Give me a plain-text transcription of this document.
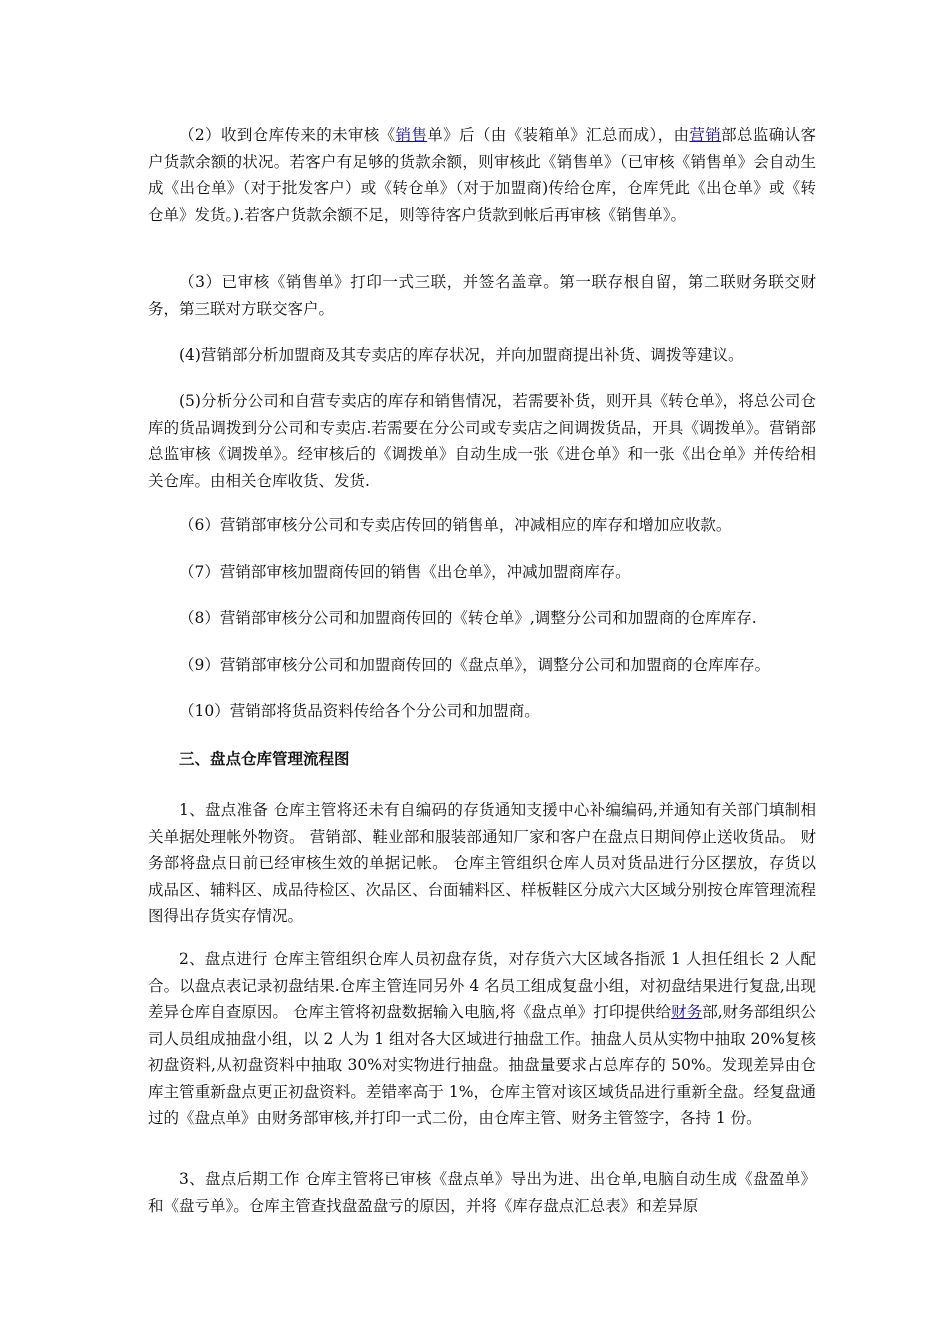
（2）收到仓库传来的未审核《销售单》后（由《装箱单》汇总而成），由营销部总监确认客户货款余额的状况。若客户有足够的货款余额，则审核此《销售单》（已审核《销售单》会自动生成《出仓单》（对于批发客户）或《转仓单》（对于加盟商)传给仓库，仓库凭此《出仓单》或《转仓单》发货。).若客户货款余额不足，则等待客户货款到帐后再审核《销售单》。

（3）已审核《销售单》打印一式三联，并签名盖章。第一联存根自留，第二联财务联交财务，第三联对方联交客户。

(4)营销部分析加盟商及其专卖店的库存状况，并向加盟商提出补货、调拨等建议。

(5)分析分公司和自营专卖店的库存和销售情况，若需要补货，则开具《转仓单》，将总公司仓库的货品调拨到分公司和专卖店.若需要在分公司或专卖店之间调拨货品，开具《调拨单》。营销部总监审核《调拨单》。经审核后的《调拨单》自动生成一张《进仓单》和一张《出仓单》并传给相关仓库。由相关仓库收货、发货.

（6）营销部审核分公司和专卖店传回的销售单，冲减相应的库存和增加应收款。

（7）营销部审核加盟商传回的销售《出仓单》，冲减加盟商库存。

（8）营销部审核分公司和加盟商传回的《转仓单》,调整分公司和加盟商的仓库库存.

（9）营销部审核分公司和加盟商传回的《盘点单》，调整分公司和加盟商的仓库库存。

（10）营销部将货品资料传给各个分公司和加盟商。

三、盘点仓库管理流程图

1、盘点准备 仓库主管将还未有自编码的存货通知支援中心补编编码,并通知有关部门填制相关单据处理帐外物资。 营销部、鞋业部和服装部通知厂家和客户在盘点日期间停止送收货品。 财务部将盘点日前已经审核生效的单据记帐。 仓库主管组织仓库人员对货品进行分区摆放，存货以成品区、辅料区、成品待检区、次品区、台面辅料区、样板鞋区分成六大区域分别按仓库管理流程图得出存货实存情况。

2、盘点进行 仓库主管组织仓库人员初盘存货，对存货六大区域各指派 1 人担任组长 2 人配合。以盘点表记录初盘结果.仓库主管连同另外 4 名员工组成复盘小组，对初盘结果进行复盘,出现差异仓库自查原因。 仓库主管将初盘数据输入电脑,将《盘点单》打印提供给财务部,财务部组织公司人员组成抽盘小组，以 2 人为 1 组对各大区域进行抽盘工作。抽盘人员从实物中抽取 20%复核初盘资料,从初盘资料中抽取 30%对实物进行抽盘。抽盘量要求占总库存的 50%。发现差异由仓库主管重新盘点更正初盘资料。差错率高于 1%，仓库主管对该区域货品进行重新全盘。经复盘通过的《盘点单》由财务部审核,并打印一式二份，由仓库主管、财务主管签字，各持 1 份。

3、盘点后期工作 仓库主管将已审核《盘点单》导出为进、出仓单,电脑自动生成《盘盈单》和《盘亏单》。仓库主管查找盘盈盘亏的原因，并将《库存盘点汇总表》和差异原
